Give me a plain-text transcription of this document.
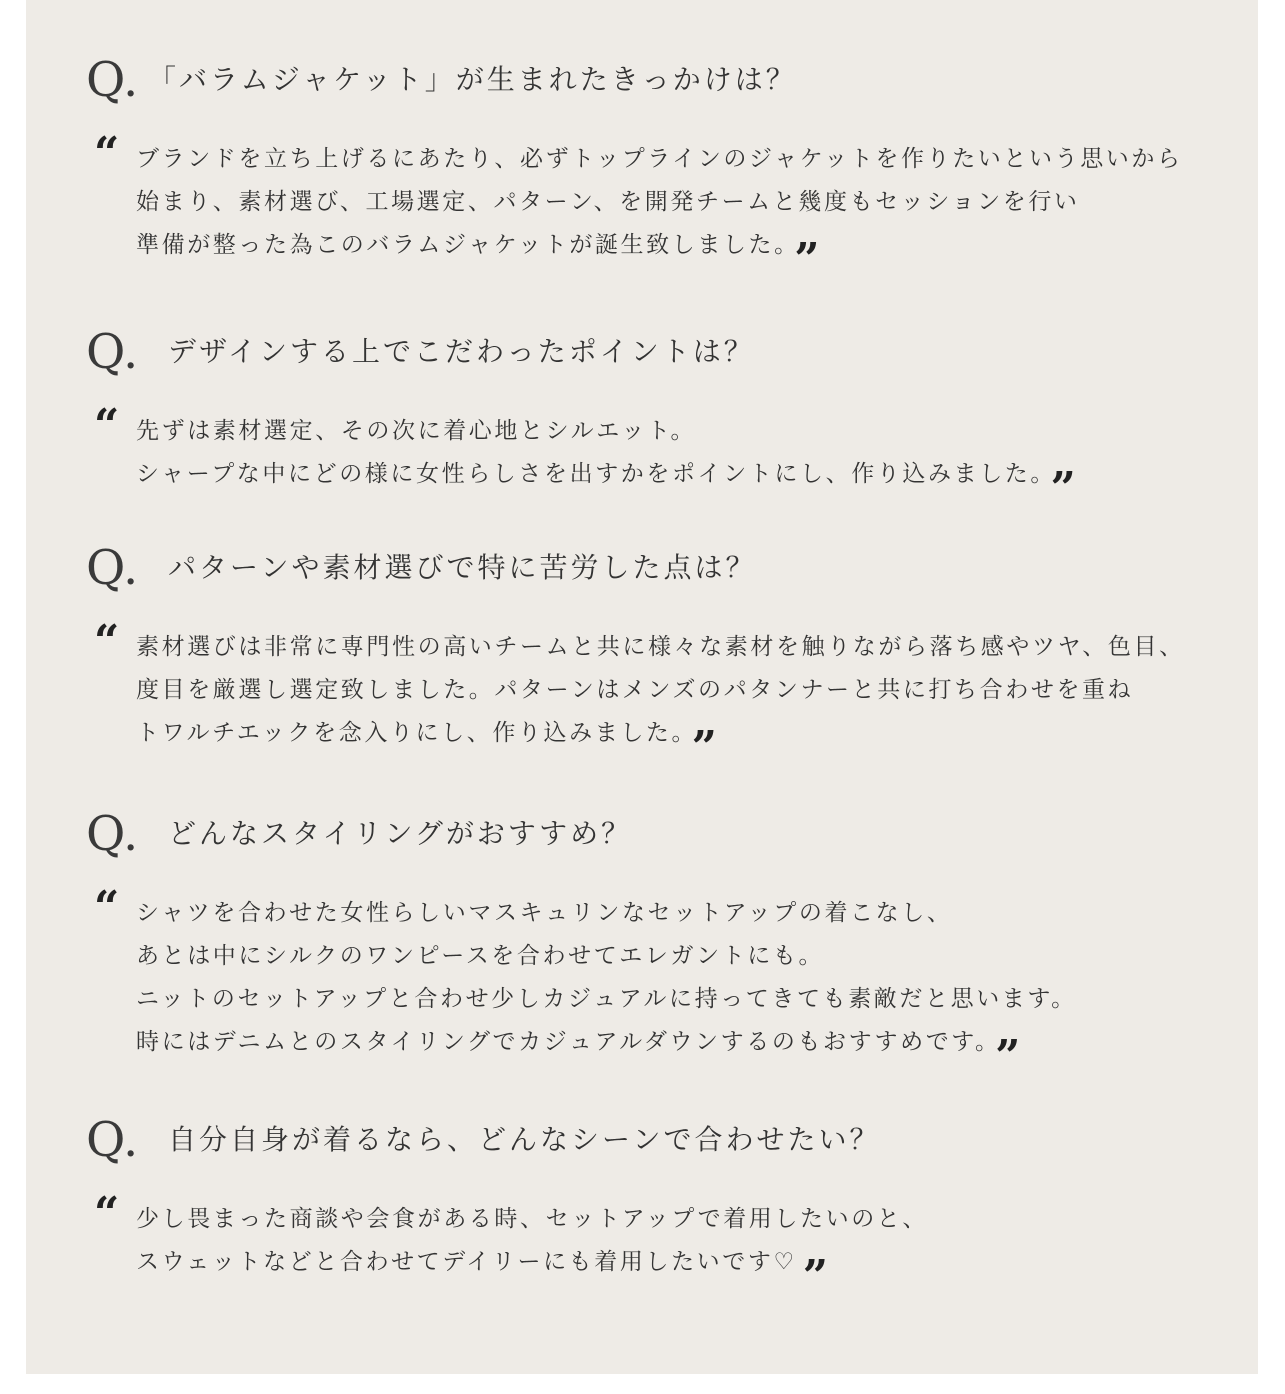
Q. 「バラムジャケット」が生まれたきっかけは？
“ ブランドを立ち上げるにあたり、必ずトップラインのジャケットを作りたいという思いから
始まり、素材選び、工場選定、パターン、を開発チームと幾度もセッションを行い
準備が整った為このバラムジャケットが誕生致しました。 ”
Q. デザインする上でこだわったポイントは？
“ 先ずは素材選定、その次に着心地とシルエット。
シャープな中にどの様に女性らしさを出すかをポイントにし、作り込みました。 ”
Q. パターンや素材選びで特に苦労した点は？
“ 素材選びは非常に専門性の高いチームと共に様々な素材を触りながら落ち感やツヤ、色目、
度目を厳選し選定致しました。パターンはメンズのパタンナーと共に打ち合わせを重ね
トワルチエックを念入りにし、作り込みました。 ”
Q. どんなスタイリングがおすすめ？
“ シャツを合わせた女性らしいマスキュリンなセットアップの着こなし、
あとは中にシルクのワンピースを合わせてエレガントにも。
ニットのセットアップと合わせ少しカジュアルに持ってきても素敵だと思います。
時にはデニムとのスタイリングでカジュアルダウンするのもおすすめです。 ”
Q. 自分自身が着るなら、どんなシーンで合わせたい？
“ 少し畏まった商談や会食がある時、セットアップで着用したいのと、
スウェットなどと合わせてデイリーにも着用したいです♡ ”
